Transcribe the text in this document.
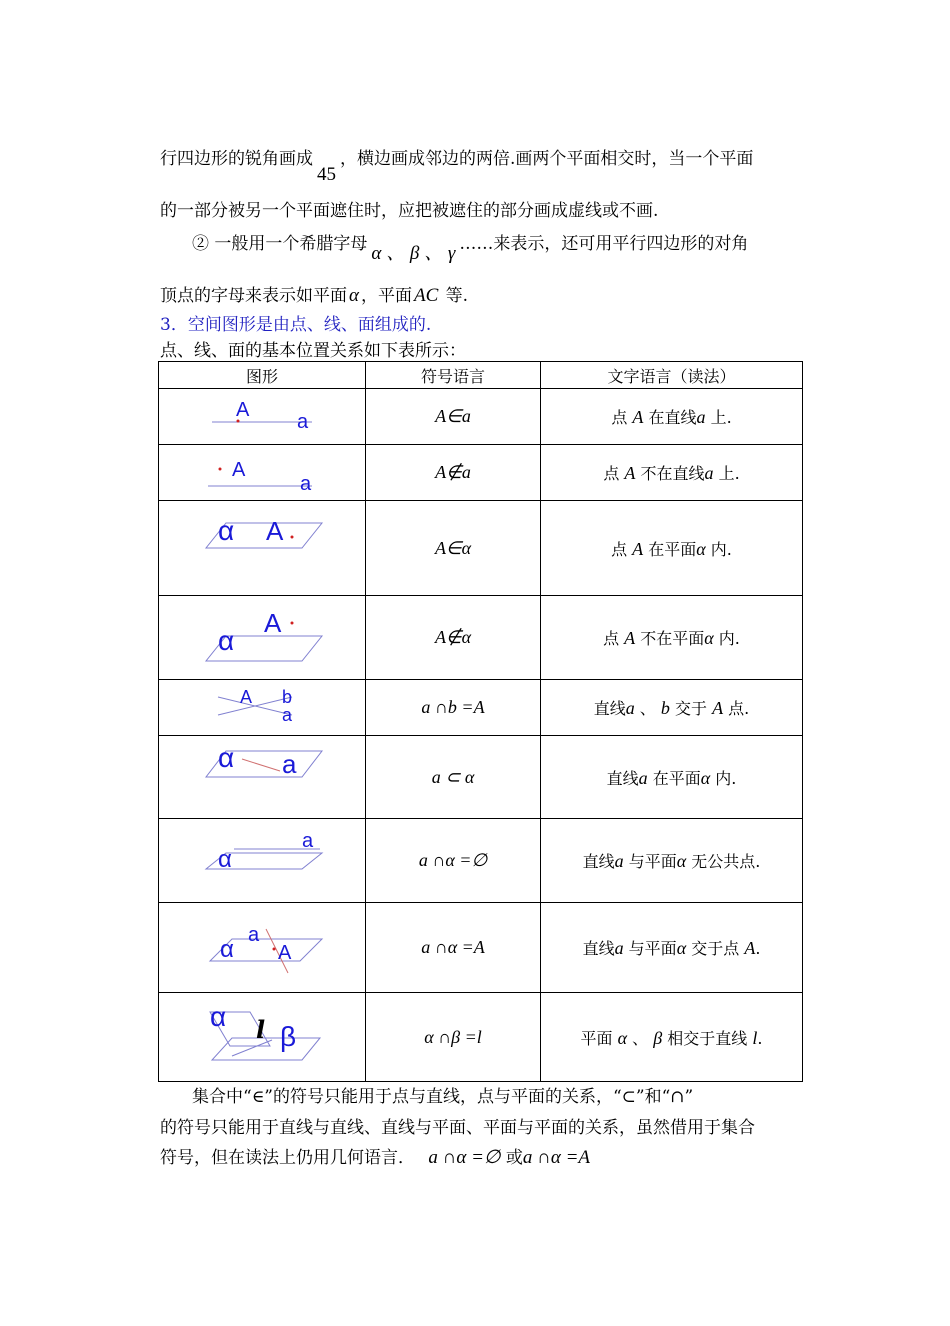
行四边形的锐角画成45，横边画成邻边的两倍.画两个平面相交时，当一个平面
的一部分被另一个平面遮住时，应把被遮住的部分画成虚线或不画.
② 一般用一个希腊字母 α 、 β 、 γ ……来表示，还可用平行四边形的对角
顶点的字母来表示如平面 α ，平面 AC 等.
3．空间图形是由点、线、面组成的.
点、线、面的基本位置关系如下表所示：
图形	符号语言	文字语言（读法）

A
a	A∈a	点 A 在直线a 上.

A
a	A∉a	点 A 不在直线a 上.

α A	A∈α	点 A 在平面α 内.

α
A	A∉α	点 A 不在平面α 内.

A b
a	a ∩b =A	直线a 、 b 交于 A 点.

α a	a ⊂ α	直线a 在平面α 内.

α
a	a ∩α =∅	直线a 与平面α 无公共点.

α
a
A	a ∩α =A	直线a 与平面α 交于点 A.

α l β	α ∩β =l	平面 α 、 β 相交于直线 l.
集合中“∈”的符号只能用于点与直线，点与平面的关系，“⊂”和“∩”
的符号只能用于直线与直线、直线与平面、平面与平面的关系，虽然借用于集合
符号，但在读法上仍用几何语言． a ∩α =∅ 或a ∩α =A
